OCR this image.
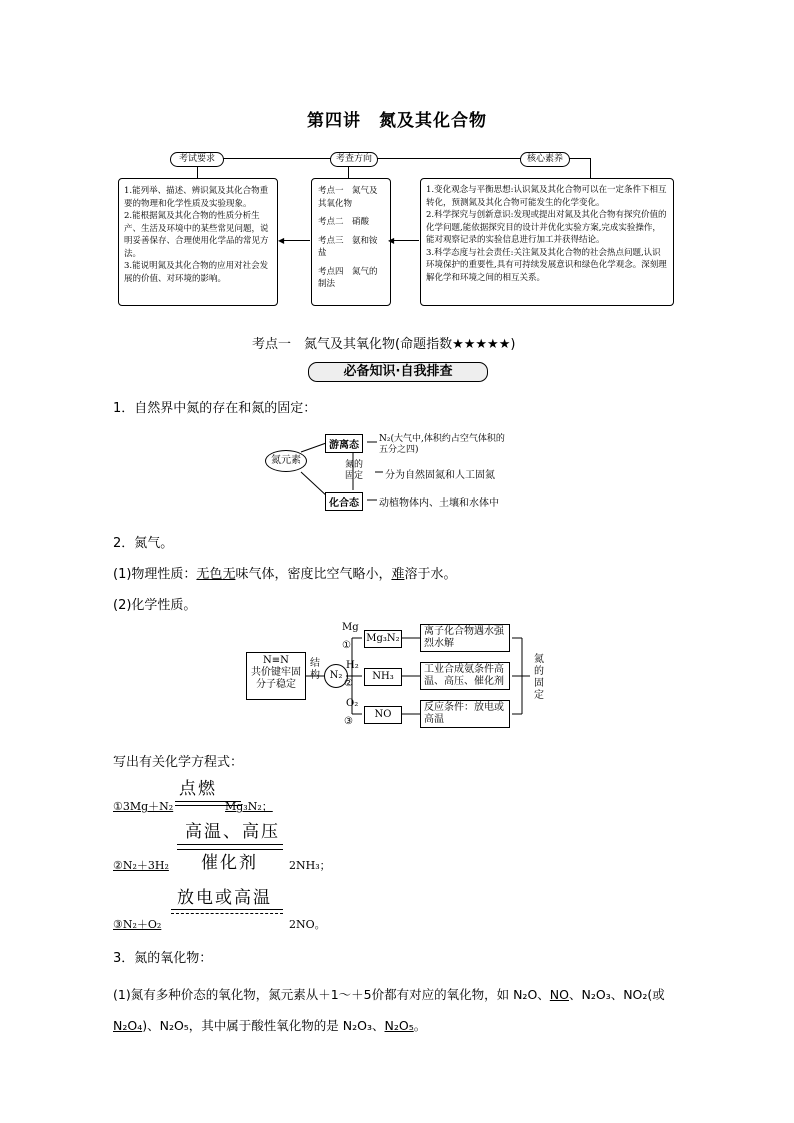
第四讲　氮及其化合物
考试要求	考查方向	核心素养
1.能列举、描述、辨识氮及其化合物重要的物理和化学性质及实验现象。
2.能根据氮及其化合物的性质分析生产、生活及环境中的某些常见问题，说明妥善保存、合理使用化学品的常见方法。
3.能说明氮及其化合物的应用对社会发展的价值、对环境的影响。
考点一　氮气及其氧化物
考点二　硝酸
考点三　氨和铵盐
考点四　氮气的制法
1.变化观念与平衡思想:认识氮及其化合物可以在一定条件下相互转化，预测氮及其化合物可能发生的化学变化。
2.科学探究与创新意识:发现或提出对氮及其化合物有探究价值的化学问题,能依据探究目的设计并优化实验方案,完成实验操作，能对观察记录的实验信息进行加工并获得结论。
3.科学态度与社会责任:关注氮及其化合物的社会热点问题,认识环境保护的重要性,具有可持续发展意识和绿色化学观念。深刻理解化学和环境之间的相互关系。
◀	◀
考点一　氮气及其氧化物(命题指数★★★★★)
必备知识·自我排查
1．自然界中氮的存在和氮的固定：
氮元素
游离态
化合态
N₂(大气中,体积约占空气体积的五分之四)
氮的固定	分为自然固氮和人工固氮
动植物体内、土壤和水体中
2．氮气。
(1)物理性质：无色无味气体，密度比空气略小，难溶于水。
(2)化学性质。
N≡N
共价键牢固
分子稳定
结构 N₂
Mg
①
H₂
②
O₂
③
Mg₃N₂
NH₃
NO
离子化合物遇水强烈水解
工业合成氨条件高温、高压、催化剂
反应条件：放电或高温
氮的固定
写出有关化学方程式：
点燃
①3Mg＋N₂	Mg₃N₂；
高温、高压
催化剂
②N₂＋3H₂	2NH₃；
放电或高温
③N₂＋O₂	2NO。
3．氮的氧化物：
(1)氮有多种价态的氧化物，氮元素从＋1～＋5价都有对应的氧化物，如 N₂O、NO、N₂O₃、NO₂(或
N₂O₄)、N₂O₅，其中属于酸性氧化物的是 N₂O₃、N₂O₅。
